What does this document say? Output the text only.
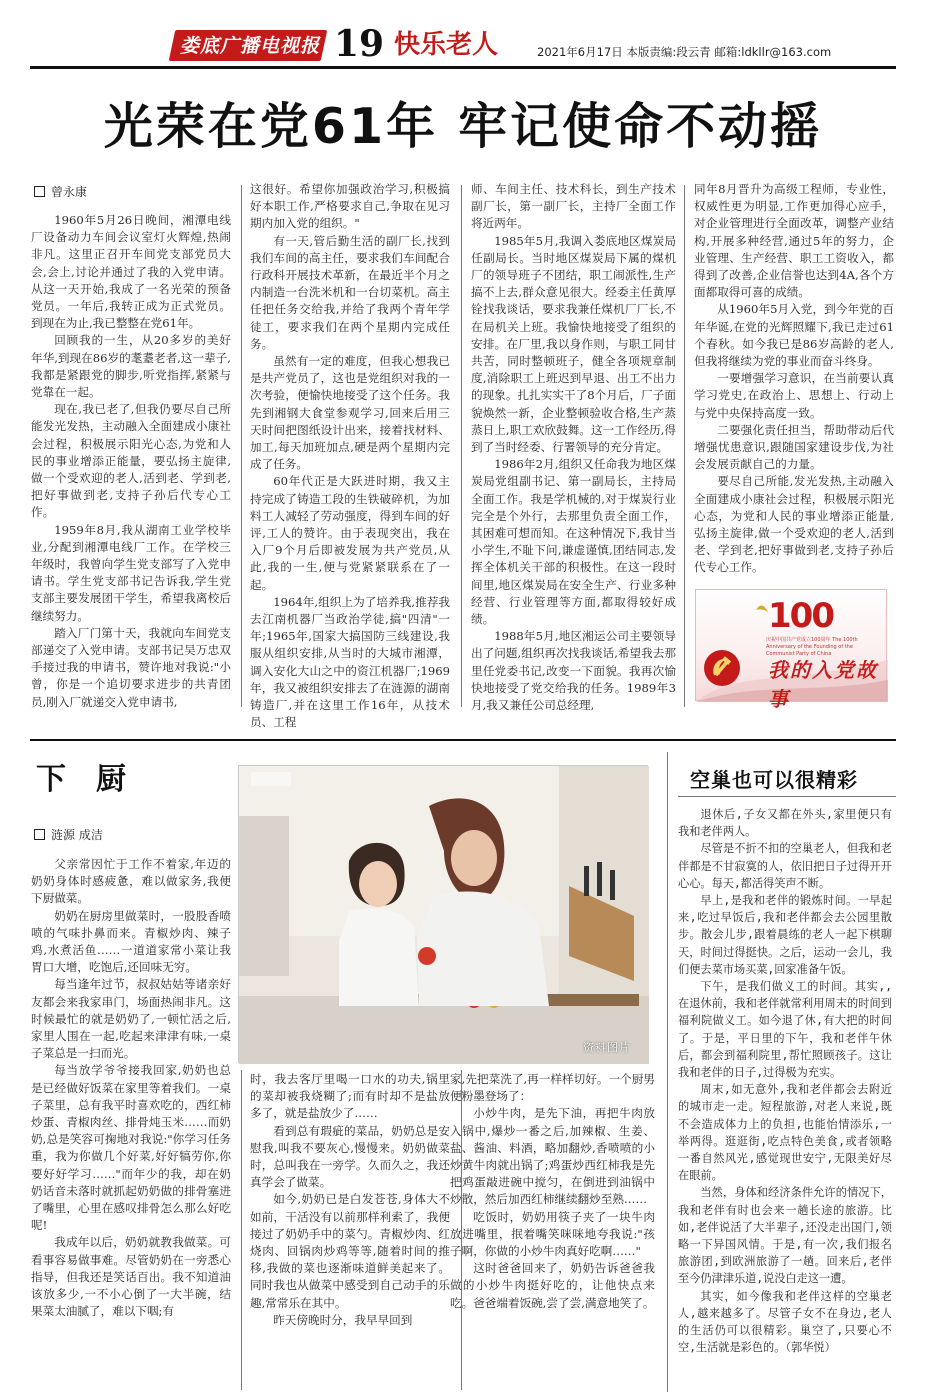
娄底广播电视报 19 快乐老人	2021年6月17日 本版责编:段云青 邮箱:ldkllr@163.com
光荣在党61年 牢记使命不动摇
曾永康

1960年5月26日晚间，湘潭电线厂设备动力车间会议室灯火辉煌,热闹非凡。这里正召开车间党支部党员大会,会上,讨论并通过了我的入党申请。从这一天开始,我成了一名光荣的预备党员。一年后,我转正成为正式党员。到现在为止,我已整整在党61年。

回顾我的一生，从20多岁的美好年华,到现在86岁的耄耋老者,这一辈子,我都是紧跟党的脚步,听党指挥,紧紧与党靠在一起。

现在,我已老了,但我仍要尽自己所能发光发热，主动融入全面建成小康社会过程，积极展示阳光心态,为党和人民的事业增添正能量，要弘扬主旋律,做一个受欢迎的老人,活到老、学到老,把好事做到老,支持子孙后代专心工作。

1959年8月,我从湖南工业学校毕业,分配到湘潭电线厂工作。在学校三年级时，我曾向学生党支部写了入党申请书。学生党支部书记告诉我,学生党支部主要发展团干学生，希望我离校后继续努力。

踏入厂门第十天，我就向车间党支部递交了入党申请。支部书记吴万忠双手接过我的申请书，赞许地对我说:"小曾，你是一个追切要求进步的共青团员,刚入厂就递交入党申请书,

这很好。希望你加强政治学习,积极搞好本职工作,严格要求自己,争取在见习期内加入党的组织。"

有一天,管后勤生活的副厂长,找到我们车间的高主任，要求我们车间配合行政科开展技术革新，在最近半个月之内制造一台洗米机和一台切菜机。高主任把任务交给我,并给了我两个青年学徒工，要求我们在两个星期内完成任务。

虽然有一定的难度，但我心想我已是共产党员了，这也是党组织对我的一次考验，便愉快地接受了这个任务。我先到湘钢大食堂参观学习,回来后用三天时间把图纸设计出来，接着找材料、加工,每天加班加点,硬是两个星期内完成了任务。

60年代正是大跃进时期，我又主持完成了铸造工段的生铁破碎机，为加料工人减轻了劳动强度，得到车间的好评,工人的赞许。由于表现突出，我在入厂9个月后即被发展为共产党员,从此,我的一生,便与党紧紧联系在了一起。

1964年,组织上为了培养我,推荐我去江南机器厂当政治学徒,搞"四清"一年;1965年,国家大搞国防三线建设,我服从组织安排,从当时的大城市湘潭，调入安化大山之中的资江机器厂;1969年，我又被组织安排去了在涟源的湖南铸造厂,并在这里工作16年，从技术员、工程

师、车间主任、技术科长，到生产技术副厂长，第一副厂长，主持厂全面工作将近两年。

1985年5月,我调入娄底地区煤炭局任副局长。当时地区煤炭局下属的煤机厂的领导班子不团结，职工闹派性,生产搞不上去,群众意见很大。经委主任黄厚铨找我谈话，要求我兼任煤机厂厂长,不在局机关上班。我愉快地接受了组织的安排。在厂里,我以身作则，与职工同甘共苦，同时整顿班子，健全各项规章制度,消除职工上班迟到早退、出工不出力的现象。扎扎实实干了8个月后，厂子面貌焕然一新，企业整顿验收合格,生产蒸蒸日上,职工欢欣鼓舞。这一工作经历,得到了当时经委、行署领导的充分肯定。

1986年2月,组织又任命我为地区煤炭局党组副书记、第一副局长，主持局全面工作。我是学机械的,对于煤炭行业完全是个外行，去那里负责全面工作，其困难可想而知。在这种情况下,我甘当小学生,不耻下问,谦虚谨慎,团结同志,发挥全体机关干部的积极性。在这一段时间里,地区煤炭局在安全生产、行业多种经营、行业管理等方面,都取得较好成绩。

1988年5月,地区湘运公司主要领导出了问题,组织再次找我谈话,希望我去那里任党委书记,改变一下面貌。我再次愉快地接受了党交给我的任务。1989年3月,我又兼任公司总经理,

同年8月晋升为高级工程师，专业性，权威性更为明显,工作更加得心应手，对企业管理进行全面改革，调整产业结构,开展多种经营,通过5年的努力，企业管理、生产经营、职工工资收入，都得到了改善,企业信誉也达到4A,各个方面都取得可喜的成绩。

从1960年5月入党，到今年党的百年华诞,在党的光辉照耀下,我已走过61个春秋。如今我已是86岁高龄的老人,但我将继续为党的事业而奋斗终身。

一要增强学习意识，在当前要认真学习党史,在政治上、思想上、行动上与党中央保持高度一致。

二要强化责任担当，帮助带动后代增强忧患意识,跟随国家建设步伐,为社会发展贡献自己的力量。

要尽自己所能,发光发热,主动融入全面建成小康社会过程，积极展示阳光心态，为党和人民的事业增添正能量,弘扬主旋律,做一个受欢迎的老人,活到老、学到老,把好事做到老,支持子孙后代专心工作。

100
庆祝中国共产党成立100周年 The 100th Anniversary of the Founding of the Communist Party of China
我的入党故事
下厨
涟源 成洁
资料图片

父亲常因忙于工作不着家,年迈的奶奶身体时感疲惫，难以做家务,我便下厨做菜。

奶奶在厨房里做菜时，一股股香喷喷的气味扑鼻而来。青椒炒肉、辣子鸡,水煮活鱼……一道道家常小菜让我胃口大增，吃饱后,还回味无穷。

每当逢年过节，叔叔姑姑等诸亲好友都会来我家串门，场面热闹非凡。这时候最忙的就是奶奶了,一顿忙活之后,家里人围在一起,吃起来津津有味,一桌子菜总是一扫而光。

每当放学爷爷接我回家,奶奶也总是已经做好饭菜在家里等着我们。一桌子菜里，总有我平时喜欢吃的，西红柿炒蛋、青椒肉丝、排骨炖玉米……而奶奶,总是笑容可掬地对我说:"你学习任务重，我为你做几个好菜,好好犒劳你,你要好好学习……"而年少的我，却在奶奶话音未落时就抓起奶奶做的排骨塞进了嘴里，心里在感叹排骨怎么那么好吃呢!

我成年以后，奶奶就教我做菜。可看事容易做事难。尽管奶奶在一旁悉心指导，但我还是笑话百出。我不知道油该放多少,一不小心倒了一大半碗，结果菜太油腻了，难以下咽;有

时，我去客厅里喝一口水的功夫,锅里的菜却被我烧糊了;而有时却不是盐放多了，就是盐放少了……

看到总有瑕疵的菜品，奶奶总是安慰我,叫我不要灰心,慢慢来。奶奶做菜时，总叫我在一旁学。久而久之，我还真学会了做菜。

如今,奶奶已是白发苍苍,身体大不如前，干活没有以前那样利索了，我便接过了奶奶手中的菜勺。青椒炒肉、红烧肉、回锅肉炒鸡等等,随着时间的推移,我做的菜也逐渐味道鲜美起来了。同时我也从做菜中感受到自己动手的乐趣,常常乐在其中。

昨天傍晚时分，我早早回到

家,先把菜洗了,再一样样切好。一个厨男便粉墨登场了：

小炒牛肉，是先下油，再把牛肉放入锅中,爆炒一番之后,加辣椒、生姜、盐、酱油、料酒，略加翻炒,香喷喷的小炒黄牛肉就出锅了;鸡蛋炒西红柿我是先把鸡蛋敲进碗中搅匀，在倒进到油锅中炒散，然后加西红柿继续翻炒至熟……

吃饭时，奶奶用筷子夹了一块牛肉放进嘴里，抿着嘴笑咪咪地夸我说:"孩子啊，你做的小炒牛肉真好吃啊……"

这时爸爸回来了，奶奶告诉爸爸我做的小炒牛肉挺好吃的，让他快点来吃。爸爸端着饭碗,尝了尝,满意地笑了。

空巢也可以很精彩

退休后,子女又都在外头,家里便只有我和老伴两人。

尽管是不折不扣的空巢老人，但我和老伴都是不甘寂寞的人，依旧把日子过得开开心心。每天,都活得笑声不断。

早上,是我和老伴的锻炼时间。一早起来,吃过早饭后,我和老伴都会去公园里散步。散会儿步,跟着晨练的老人一起下棋聊天，时间过得挺快。之后，运动一会儿，我们便去菜市场买菜,回家准备午饭。

下午，是我们做义工的时间。其实,,在退休前，我和老伴就常利用周末的时间到福利院做义工。如今退了休,有大把的时间了。于是，平日里的下午，我和老伴午休后，都会到福利院里,帮忙照顾孩子。这让我和老伴的日子,过得极为充实。

周末,如无意外,我和老伴都会去附近的城市走一走。短程旅游,对老人来说,既不会造成体力上的负担,也能怡情添乐,一举两得。逛逛街,吃点特色美食,或者领略一番自然风光,感觉现世安宁,无限美好尽在眼前。

当然，身体和经济条件允许的情况下，我和老伴有时也会来一趟长途的旅游。比如,老伴说活了大半辈子,还没走出国门,领略一下异国风情。于是,有一次,我们报名旅游团,到欧洲旅游了一趟。回来后,老伴至今仍津津乐道,说没白走这一遭。

其实，如今像我和老伴这样的空巢老人,越来越多了。尽管子女不在身边,老人的生活仍可以很精彩。巢空了,只要心不空,生活就是彩色的。（郭华悦）
